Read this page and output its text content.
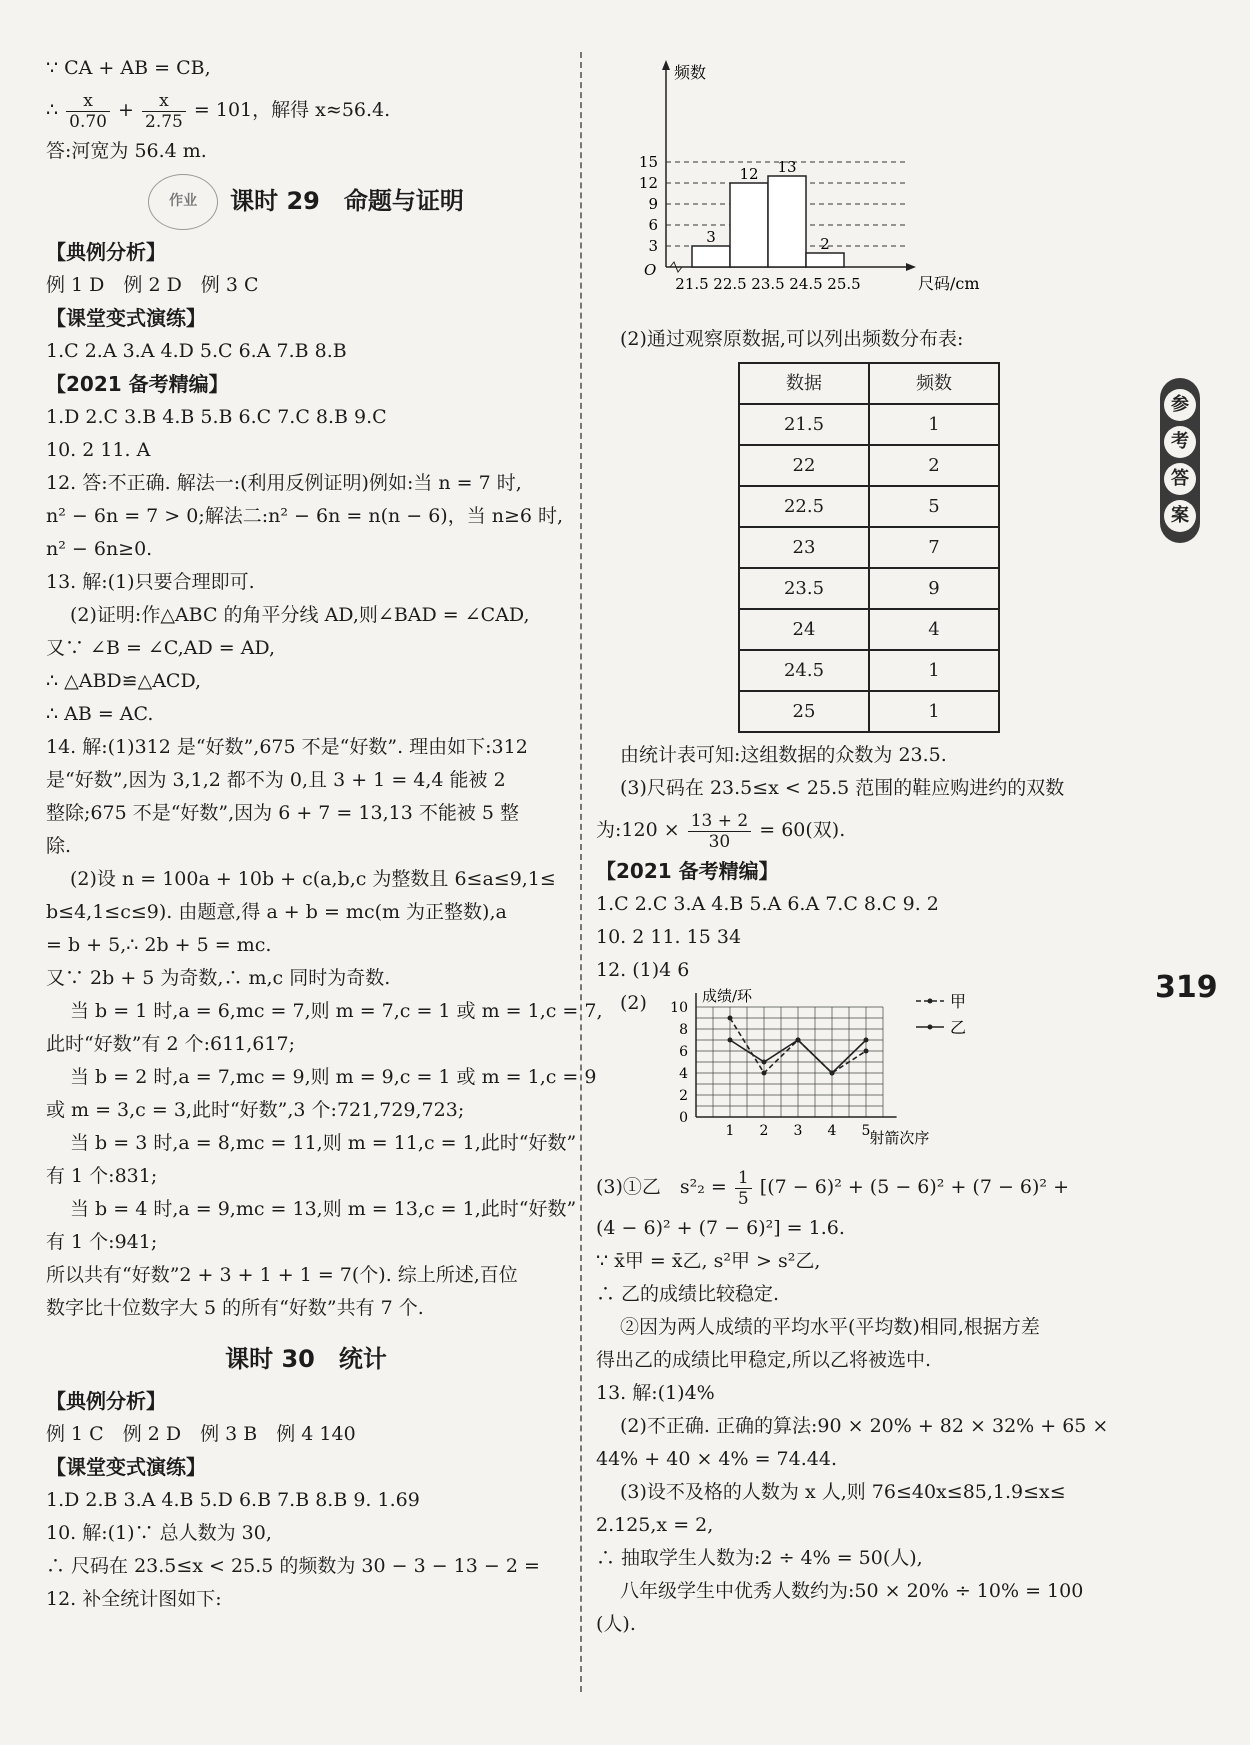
∵ CA + AB = CB,
∴ $\frac{x}{0.70} + \frac{x}{2.75} = 101$，解得 x≈56.4.
答:河宽为 56.4 m.
作业 课时 29　命题与证明
【典例分析】
例 1 D　例 2 D　例 3 C
【课堂变式演练】
1.C 2.A 3.A 4.D 5.C 6.A 7.B 8.B
【2021 备考精编】
1.D 2.C 3.B 4.B 5.B 6.C 7.C 8.B 9.C
10. 2 11. A
12. 答:不正确. 解法一:(利用反例证明)例如:当 n = 7 时,
n² − 6n = 7 > 0;解法二:n² − 6n = n(n − 6)，当 n≥6 时,
n² − 6n≥0.
13. 解:(1)只要合理即可.
(2)证明:作△ABC 的角平分线 AD,则∠BAD = ∠CAD,
又∵ ∠B = ∠C,AD = AD,
∴ △ABD≌△ACD,
∴ AB = AC.
14. 解:(1)312 是“好数”,675 不是“好数”. 理由如下:312
是“好数”,因为 3,1,2 都不为 0,且 3 + 1 = 4,4 能被 2
整除;675 不是“好数”,因为 6 + 7 = 13,13 不能被 5 整
除.
(2)设 n = 100a + 10b + c(a,b,c 为整数且 6≤a≤9,1≤
b≤4,1≤c≤9). 由题意,得 a + b = mc(m 为正整数),a
= b + 5,∴ 2b + 5 = mc.
又∵ 2b + 5 为奇数,∴ m,c 同时为奇数.
当 b = 1 时,a = 6,mc = 7,则 m = 7,c = 1 或 m = 1,c = 7,
此时“好数”有 2 个:611,617;
当 b = 2 时,a = 7,mc = 9,则 m = 9,c = 1 或 m = 1,c = 9
或 m = 3,c = 3,此时“好数”,3 个:721,729,723;
当 b = 3 时,a = 8,mc = 11,则 m = 11,c = 1,此时“好数”
有 1 个:831;
当 b = 4 时,a = 9,mc = 13,则 m = 13,c = 1,此时“好数”
有 1 个:941;
所以共有“好数”2 + 3 + 1 + 1 = 7(个). 综上所述,百位
数字比十位数字大 5 的所有“好数”共有 7 个.
课时 30　统计
【典例分析】
例 1 C　例 2 D　例 3 B　例 4 140
【课堂变式演练】
1.D 2.B 3.A 4.B 5.D 6.B 7.B 8.B 9. 1.69
10. 解:(1)∵ 总人数为 30,
∴ 尺码在 23.5≤x < 25.5 的频数为 30 − 3 − 13 − 2 =
12. 补全统计图如下:
频数
尺码/cm
O
3
6
9
12
15
3
12 13
2
21.5 22.5 23.5 24.5 25.5
(2)通过观察原数据,可以列出频数分布表:
数据	频数
21.5	1
22	2
22.5	5
23	7
23.5	9
24	4
24.5	1
25	1
由统计表可知:这组数据的众数为 23.5.
(3)尺码在 23.5≤x < 25.5 范围的鞋应购进约的双数
为:120 × $\frac{13 + 2}{30} = 60$(双).
【2021 备考精编】
1.C 2.C 3.A 4.B 5.A 6.A 7.C 8.C 9. 2
10. 2 11. 15 34
12. (1)4 6
(2)	成绩/环
射箭次序
0
2
4
6
8
10
1 2 3 4 5
甲
乙
(3)①乙　$s^2_2 = \frac{1}{5} [(7 - 6)^2 + (5 - 6)^2 + (7 - 6)^2$ +
(4 − 6)² + (7 − 6)²] = 1.6.
∵ x̄甲 = x̄乙, s²甲 > s²乙,
∴ 乙的成绩比较稳定.
②因为两人成绩的平均水平(平均数)相同,根据方差
得出乙的成绩比甲稳定,所以乙将被选中.
13. 解:(1)4%
(2)不正确. 正确的算法:90 × 20% + 82 × 32% + 65 ×
44% + 40 × 4% = 74.44.
(3)设不及格的人数为 x 人,则 76≤40x≤85,1.9≤x≤
2.125,x = 2,
∴ 抽取学生人数为:2 ÷ 4% = 50(人),
八年级学生中优秀人数约为:50 × 20% ÷ 10% = 100
(人).
参
考
答
案
319
